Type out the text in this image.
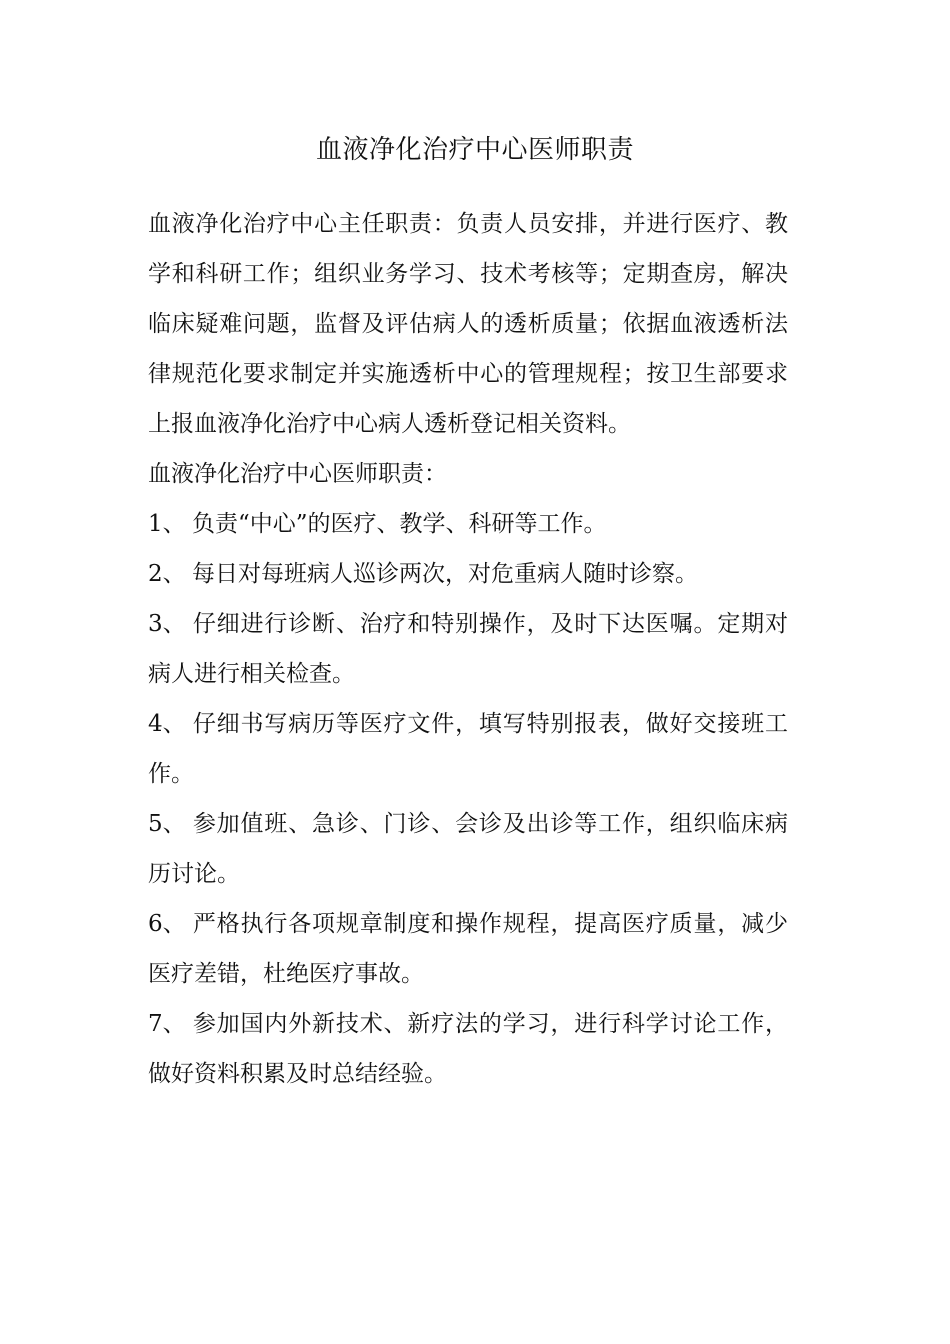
血液净化治疗中心医师职责

血液净化治疗中心主任职责：负责人员安排，并进行医疗、教学和科研工作；组织业务学习、技术考核等；定期查房，解决临床疑难问题，监督及评估病人的透析质量；依据血液透析法律规范化要求制定并实施透析中心的管理规程；按卫生部要求上报血液净化治疗中心病人透析登记相关资料。

血液净化治疗中心医师职责：

1、 负责“中心”的医疗、教学、科研等工作。

2、 每日对每班病人巡诊两次，对危重病人随时诊察。

3、 仔细进行诊断、治疗和特别操作，及时下达医嘱。定期对病人进行相关检查。

4、 仔细书写病历等医疗文件，填写特别报表，做好交接班工作。

5、 参加值班、急诊、门诊、会诊及出诊等工作，组织临床病历讨论。

6、 严格执行各项规章制度和操作规程，提高医疗质量，减少医疗差错，杜绝医疗事故。

7、 参加国内外新技术、新疗法的学习，进行科学讨论工作，做好资料积累及时总结经验。
